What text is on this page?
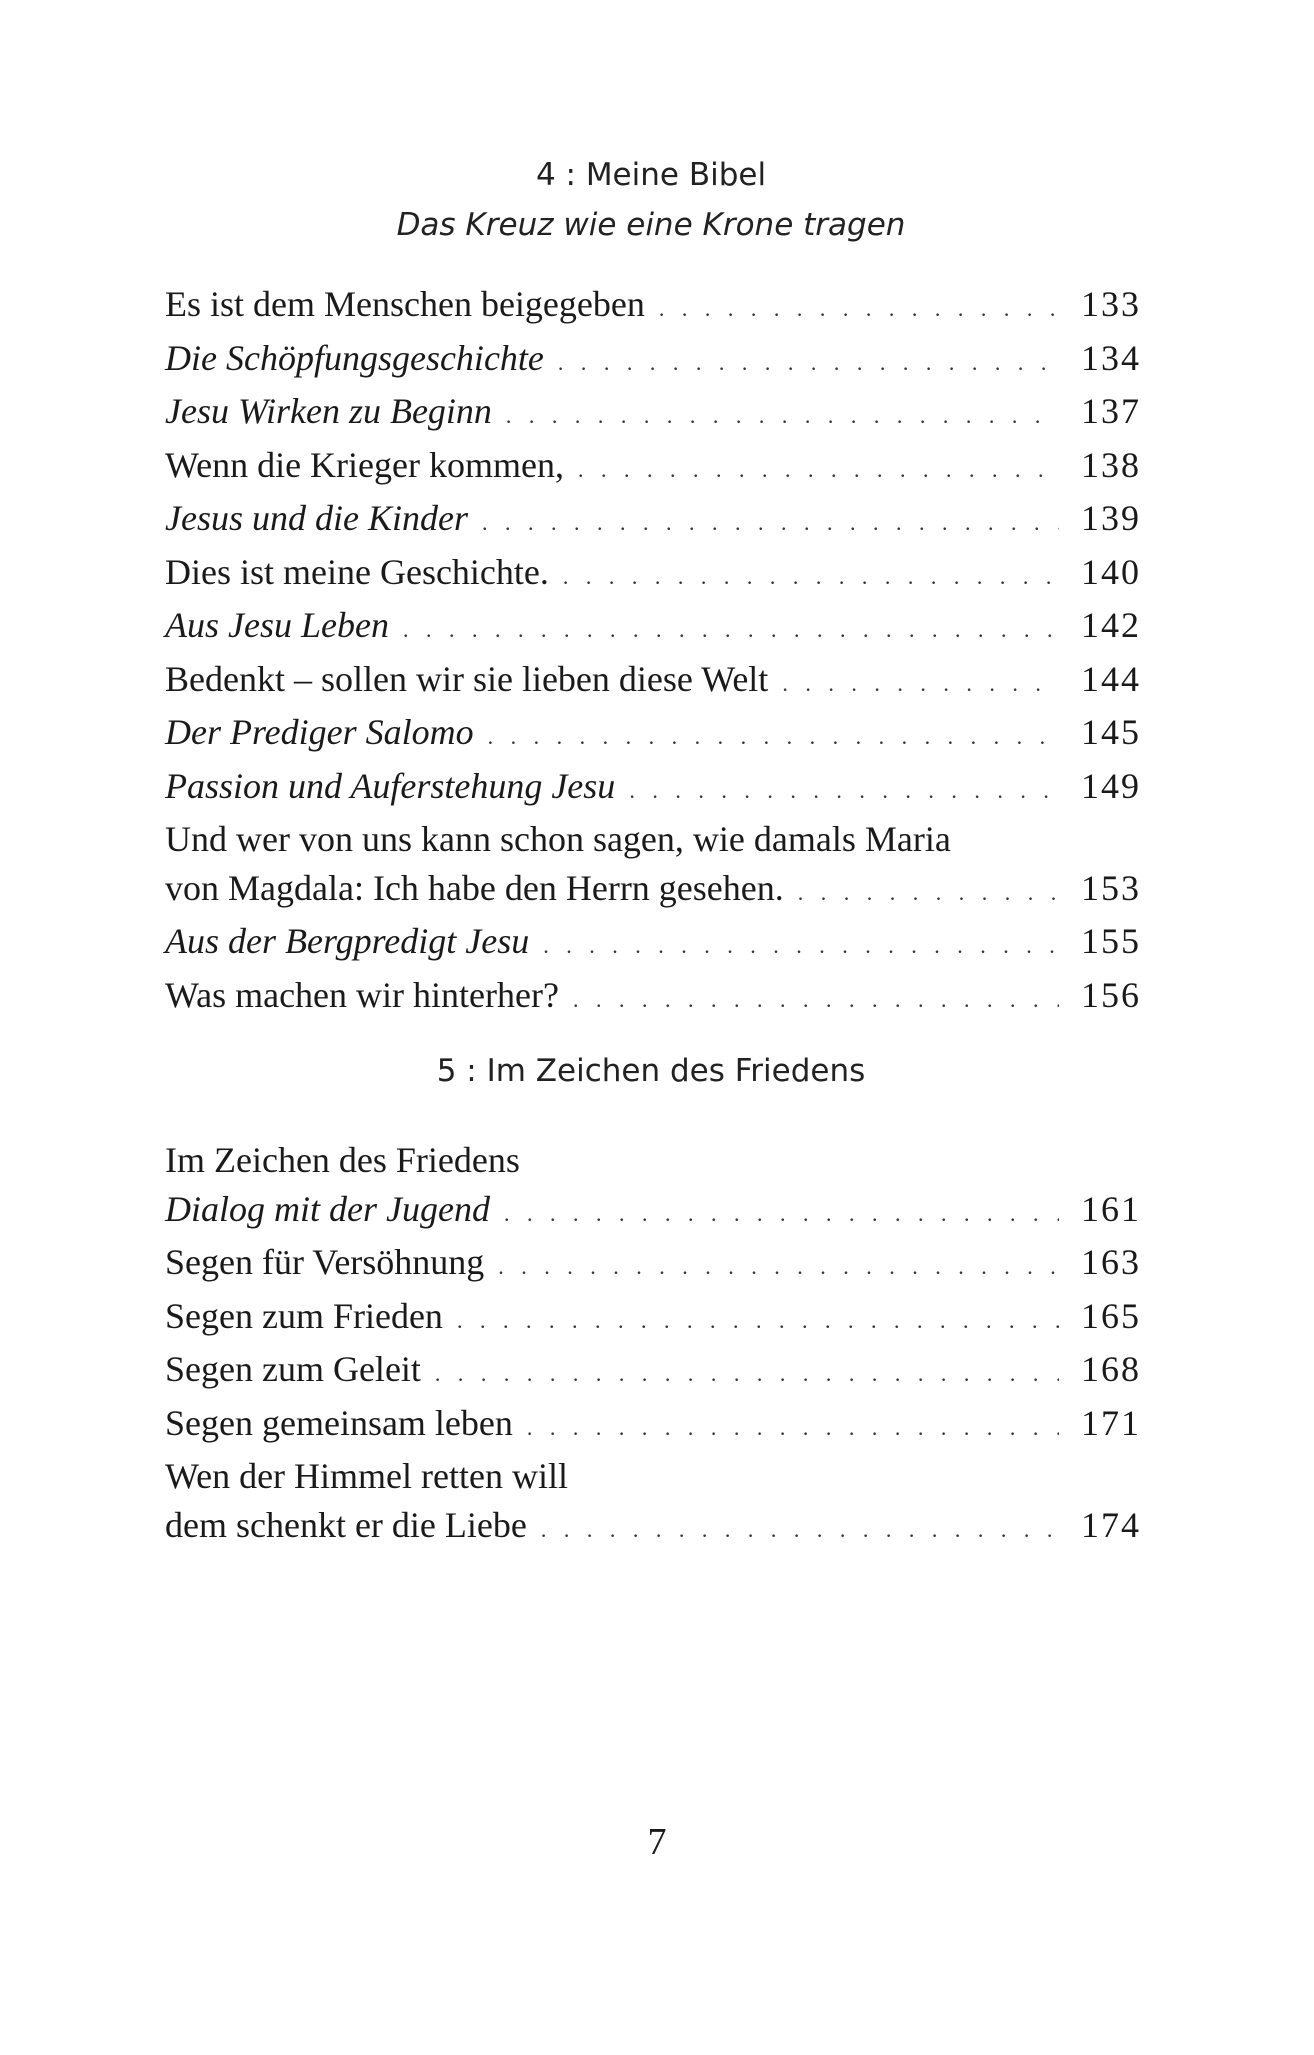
4 : Meine Bibel
Das Kreuz wie eine Krone tragen
Es ist dem Menschen beigegeben . . .	133
Die Schöpfungsgeschichte . . .	134
Jesu Wirken zu Beginn . . .	137
Wenn die Krieger kommen, . . .	138
Jesus und die Kinder . . .	139
Dies ist meine Geschichte. . . .	140
Aus Jesu Leben . . .	142
Bedenkt – sollen wir sie lieben diese Welt . . .	144
Der Prediger Salomo . . .	145
Passion und Auferstehung Jesu . . .	149
Und wer von uns kann schon sagen, wie damals Maria
von Magdala: Ich habe den Herrn gesehen. . . .	153
Aus der Bergpredigt Jesu . . .	155
Was machen wir hinterher? . . .	156
5 : Im Zeichen des Friedens
Im Zeichen des Friedens
Dialog mit der Jugend . . .	161
Segen für Versöhnung . . .	163
Segen zum Frieden . . .	165
Segen zum Geleit . . .	168
Segen gemeinsam leben . . .	171
Wen der Himmel retten will
dem schenkt er die Liebe . . .	174
7
